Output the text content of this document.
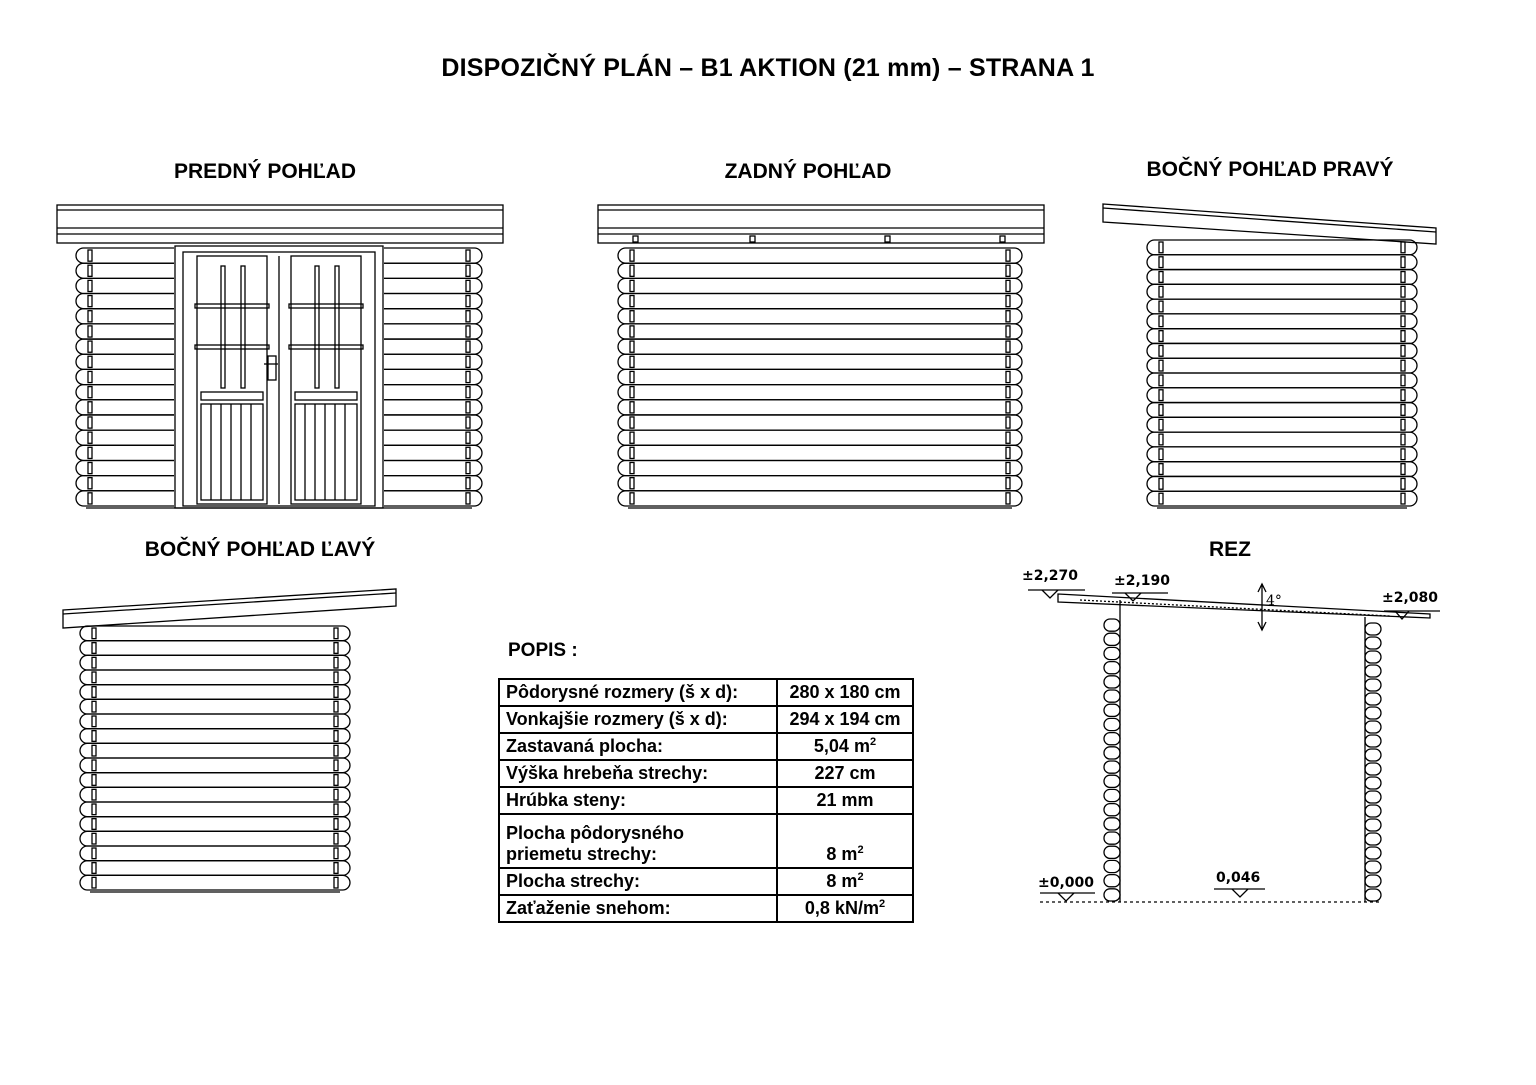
DISPOZIČNÝ PLÁN – B1 AKTION (21 mm) – STRANA 1
PREDNÝ POHĽAD	ZADNÝ POHĽAD	BOČNÝ POHĽAD PRAVÝ
BOČNÝ POHĽAD ĽAVÝ	REZ
±2,270	±2,190
±2,080
4°
±0,000	0,046
POPIS :
Pôdorysné rozmery (š x d):	280 x 180 cm
Vonkajšie rozmery (š x d):	294 x 194 cm
Zastavaná plocha:	5,04 $m^2$
Výška hrebeňa strechy:	227 cm
Hrúbka steny:	21 mm
Plocha pôdorysného
priemetu strechy:	8 $m^2$
Plocha strechy:	8 $m^2$
Zaťaženie snehom:	0,8 $kN/m^2$
